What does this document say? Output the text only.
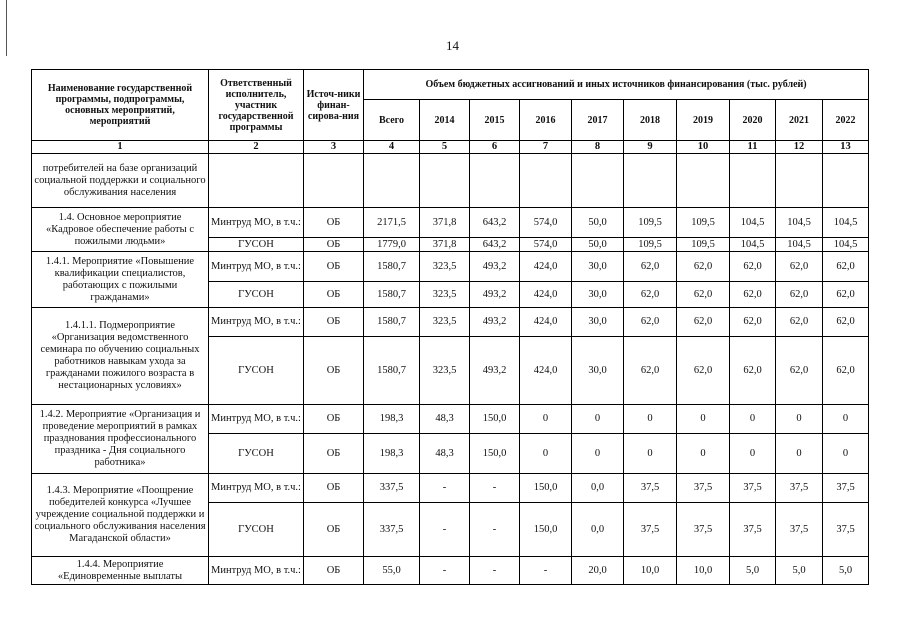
14
Наименование государственной программы, подпрограммы, основных мероприятий, мероприятий	Ответственный исполнитель, участник государственной программы	Источ-ники финан-сирова-ния	Объем бюджетных ассигнований и иных источников финансирования (тыс. рублей)									
			Всего	2014	2015	2016	2017	2018	2019	2020	2021	2022
1	2	3	4	5	6	7	8	9	10	11	12	13
потребителей на базе организаций социальной поддержки и социального обслуживания населения												
1.4. Основное мероприятие «Кадровое обеспечение работы с пожилыми людьми»	Минтруд МО, в т.ч.:	ОБ	2171,5	371,8	643,2	574,0	50,0	109,5	109,5	104,5	104,5	104,5
	ГУСОН	ОБ	1779,0	371,8	643,2	574,0	50,0	109,5	109,5	104,5	104,5	104,5
1.4.1. Мероприятие «Повышение квалификации специалистов, работающих с пожилыми гражданами»	Минтруд МО, в т.ч.:	ОБ	1580,7	323,5	493,2	424,0	30,0	62,0	62,0	62,0	62,0	62,0
	ГУСОН	ОБ	1580,7	323,5	493,2	424,0	30,0	62,0	62,0	62,0	62,0	62,0
1.4.1.1. Подмероприятие «Организация ведомственного семинара по обучению социальных работников навыкам ухода за гражданами пожилого возраста в нестационарных условиях»	Минтруд МО, в т.ч.:	ОБ	1580,7	323,5	493,2	424,0	30,0	62,0	62,0	62,0	62,0	62,0
	ГУСОН	ОБ	1580,7	323,5	493,2	424,0	30,0	62,0	62,0	62,0	62,0	62,0
1.4.2. Мероприятие «Организация и проведение мероприятий в рамках празднования профессионального праздника - Дня социального работника»	Минтруд МО, в т.ч.:	ОБ	198,3	48,3	150,0	0	0	0	0	0	0	0
	ГУСОН	ОБ	198,3	48,3	150,0	0	0	0	0	0	0	0
1.4.3. Мероприятие «Поощрение победителей конкурса «Лучшее учреждение социальной поддержки и социального обслуживания населения Магаданской области»	Минтруд МО, в т.ч.:	ОБ	337,5	-	-	150,0	0,0	37,5	37,5	37,5	37,5	37,5
	ГУСОН	ОБ	337,5	-	-	150,0	0,0	37,5	37,5	37,5	37,5	37,5
1.4.4. Мероприятие «Единовременные выплаты	Минтруд МО, в т.ч.:	ОБ	55,0	-	-	-	20,0	10,0	10,0	5,0	5,0	5,0
